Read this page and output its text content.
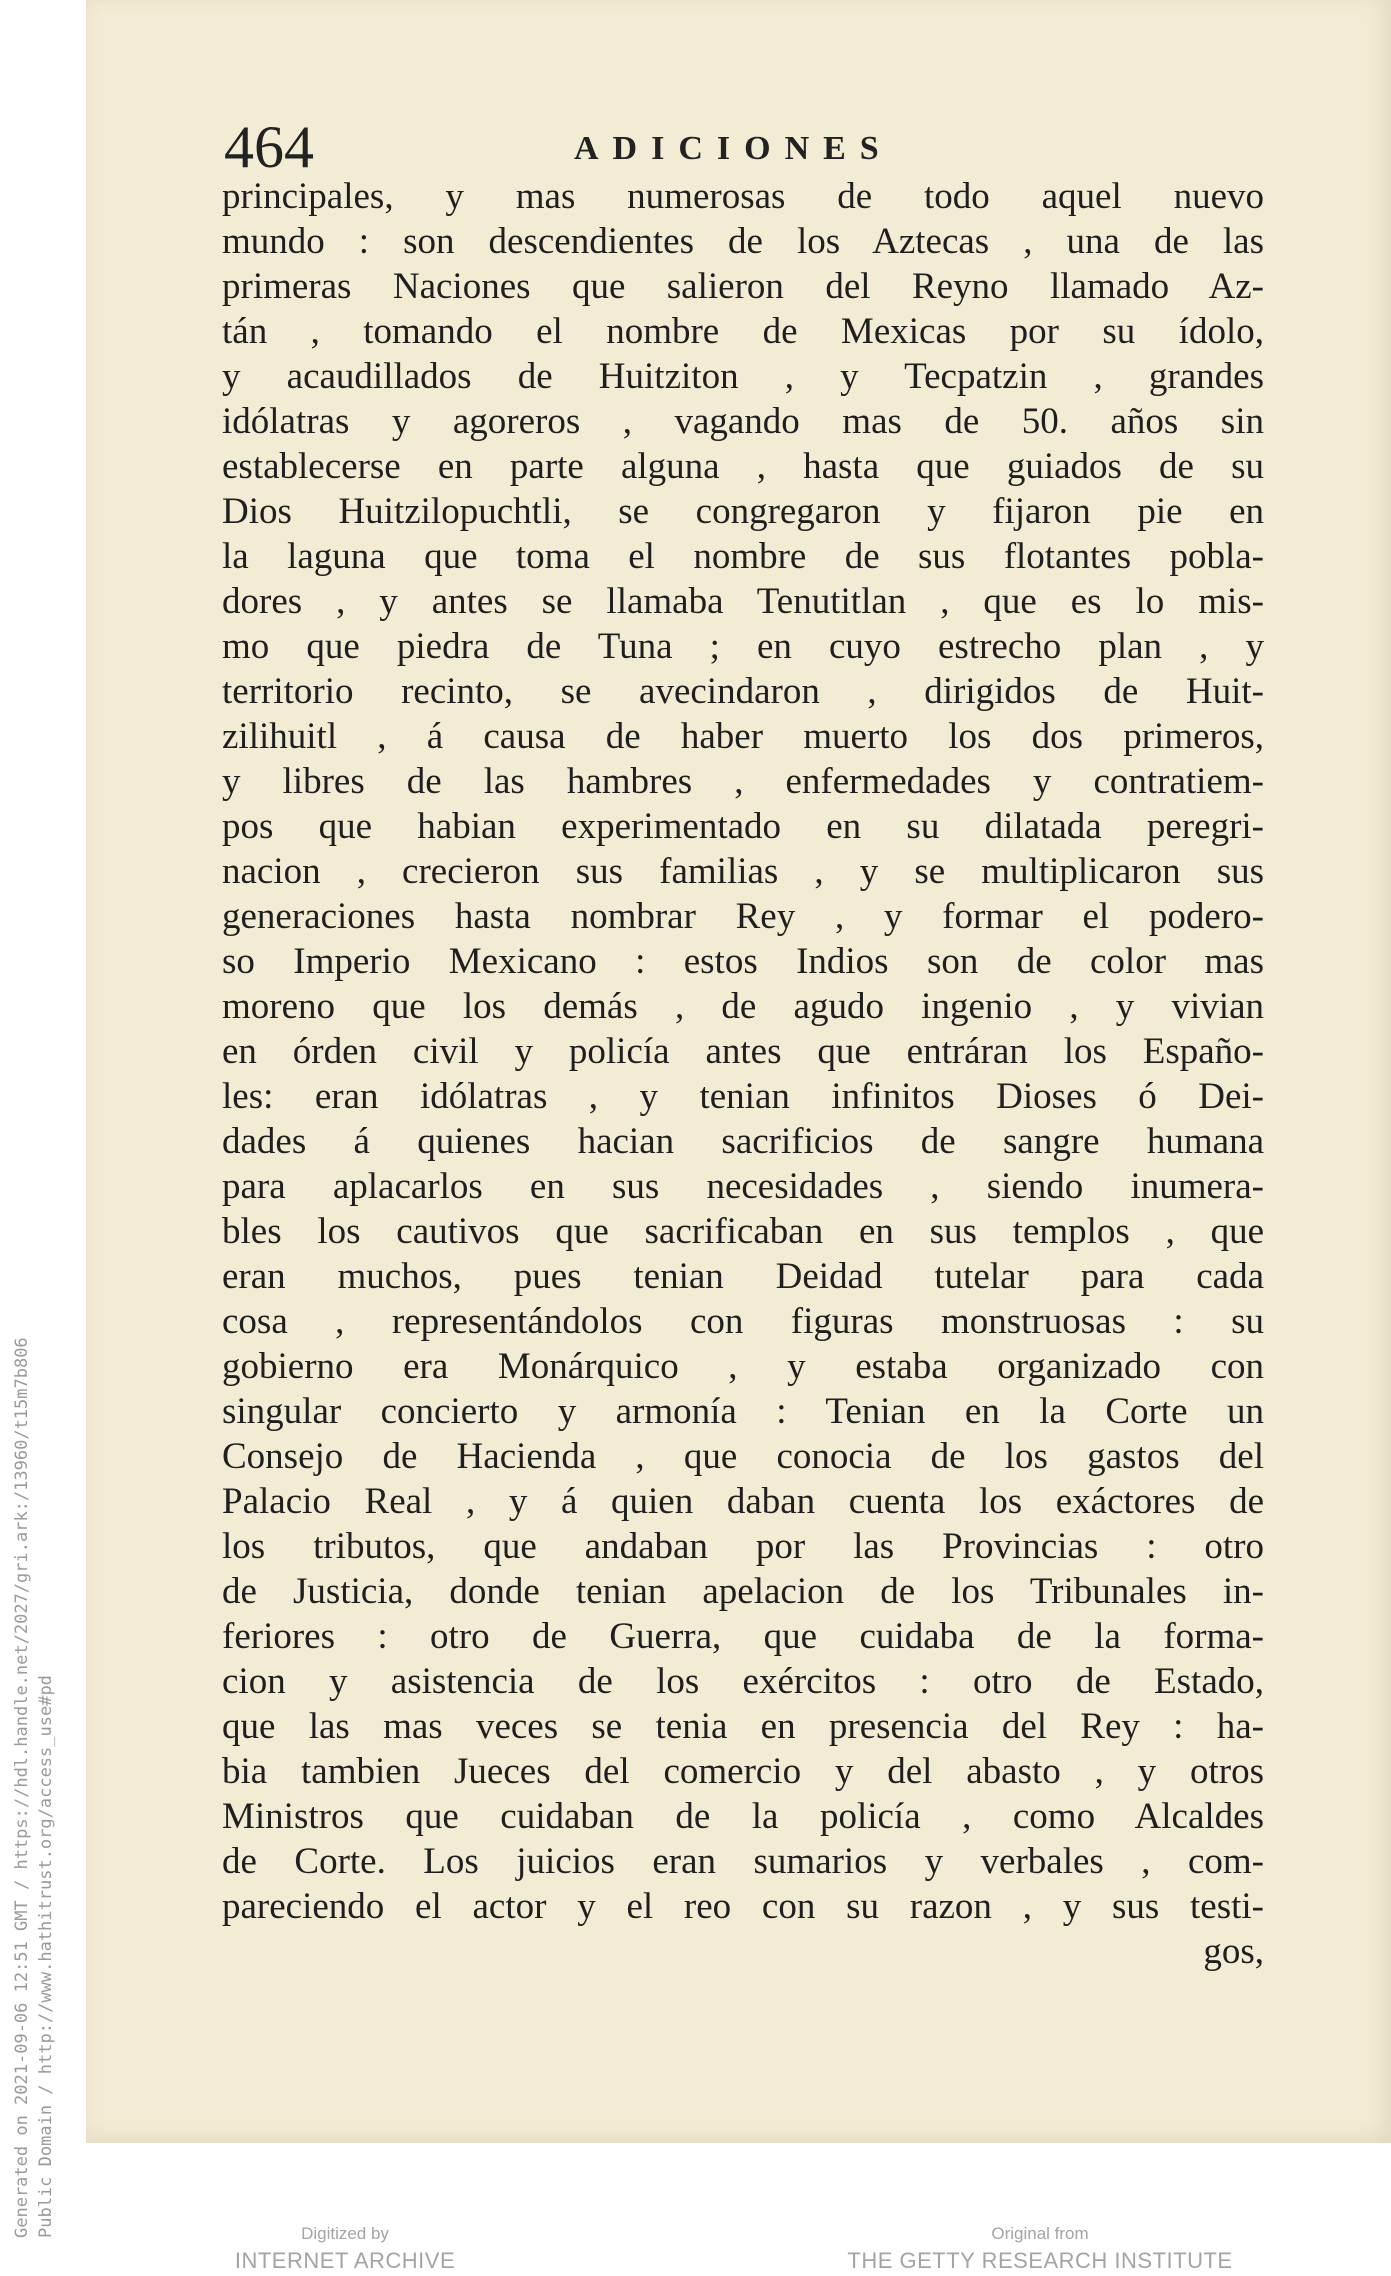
Generated on 2021-09-06 12:51 GMT / https://hdl.handle.net/2027/gri.ark:/13960/t15m7b806 Public Domain / http://www.hathitrust.org/access_use#pd
464	ADICIONES
principales, y mas numerosas de todo aquel nuevo
mundo : son descendientes de los Aztecas , una de las
primeras Naciones que salieron del Reyno llamado Az-
tán , tomando el nombre de Mexicas por su ídolo,
y acaudillados de Huitziton , y Tecpatzin , grandes
idólatras y agoreros , vagando mas de 50. años sin
establecerse en parte alguna , hasta que guiados de su
Dios Huitzilopuchtli, se congregaron y fijaron pie en
la laguna que toma el nombre de sus flotantes pobla-
dores , y antes se llamaba Tenutitlan , que es lo mis-
mo que piedra de Tuna ; en cuyo estrecho plan , y
territorio recinto, se avecindaron , dirigidos de Huit-
zilihuitl , á causa de haber muerto los dos primeros,
y libres de las hambres , enfermedades y contratiem-
pos que habian experimentado en su dilatada peregri-
nacion , crecieron sus familias , y se multiplicaron sus
generaciones hasta nombrar Rey , y formar el podero-
so Imperio Mexicano : estos Indios son de color mas
moreno que los demás , de agudo ingenio , y vivian
en órden civil y policía antes que entráran los Españo-
les: eran idólatras , y tenian infinitos Dioses ó Dei-
dades á quienes hacian sacrificios de sangre humana
para aplacarlos en sus necesidades , siendo inumera-
bles los cautivos que sacrificaban en sus templos , que
eran muchos, pues tenian Deidad tutelar para cada
cosa , representándolos con figuras monstruosas : su
gobierno era Monárquico , y estaba organizado con
singular concierto y armonía : Tenian en la Corte un
Consejo de Hacienda , que conocia de los gastos del
Palacio Real , y á quien daban cuenta los exáctores de
los tributos, que andaban por las Provincias : otro
de Justicia, donde tenian apelacion de los Tribunales in-
feriores : otro de Guerra, que cuidaba de la forma-
cion y asistencia de los exércitos : otro de Estado,
que las mas veces se tenia en presencia del Rey : ha-
bia tambien Jueces del comercio y del abasto , y otros
Ministros que cuidaban de la policía , como Alcaldes
de Corte. Los juicios eran sumarios y verbales , com-
pareciendo el actor y el reo con su razon , y sus testi-
gos,
Digitized by
INTERNET ARCHIVE
Original from
THE GETTY RESEARCH INSTITUTE
